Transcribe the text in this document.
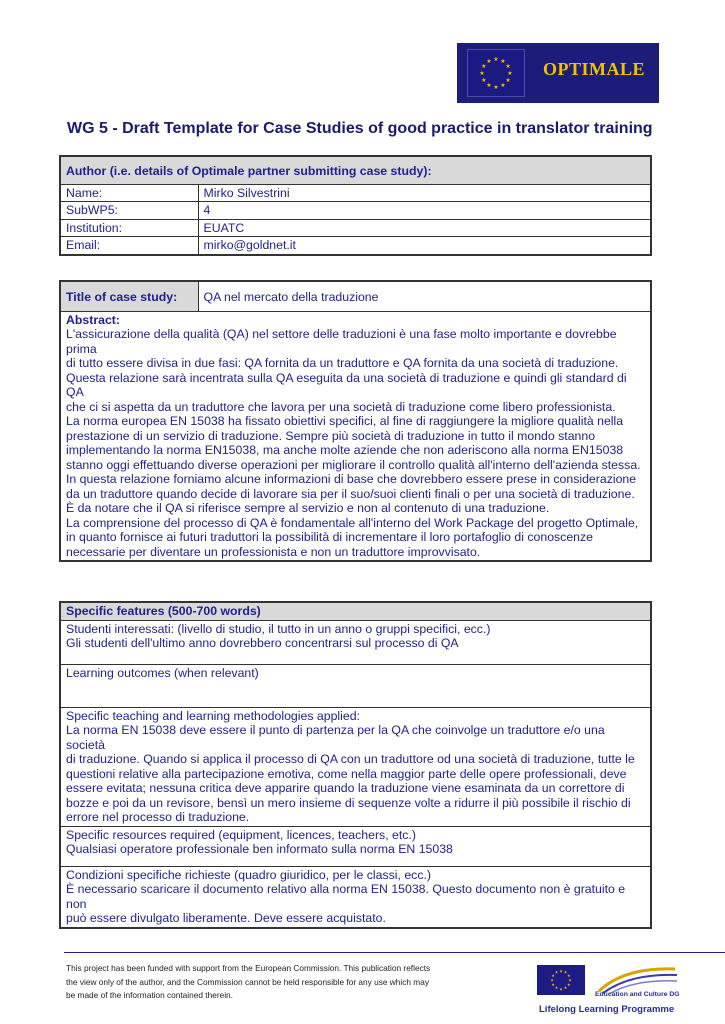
★
★
★
★
★
★
★
★
★ ★ ★
★ OPTIMALE
WG 5 - Draft Template for Case Studies of good practice in translator training
Author (i.e. details of Optimale partner submitting case study):	
Name:	Mirko Silvestrini
SubWP5:	4
Institution:	EUATC
Email:	mirko@goldnet.it
Title of case study:	QA nel mercato della traduzione

Abstract:
L'assicurazione della qualità (QA) nel settore delle traduzioni è una fase molto importante e dovrebbe prima
di tutto essere divisa in due fasi: QA fornita da un traduttore e QA fornita da una società di traduzione.
Questa relazione sarà incentrata sulla QA eseguita da una società di traduzione e quindi gli standard di QA
che ci si aspetta da un traduttore che lavora per una società di traduzione come libero professionista.
La norma europea EN 15038 ha fissato obiettivi specifici, al fine di raggiungere la migliore qualità nella
prestazione di un servizio di traduzione. Sempre più società di traduzione in tutto il mondo stanno
implementando la norma EN15038, ma anche molte aziende che non aderiscono alla norma EN15038
stanno oggi effettuando diverse operazioni per migliorare il controllo qualità all'interno dell'azienda stessa.
In questa relazione forniamo alcune informazioni di base che dovrebbero essere prese in considerazione
da un traduttore quando decide di lavorare sia per il suo/suoi clienti finali o per una società di traduzione.
È da notare che il QA si riferisce sempre al servizio e non al contenuto di una traduzione.
La comprensione del processo di QA è fondamentale all'interno del Work Package del progetto Optimale,
in quanto fornisce ai futuri traduttori la possibilità di incrementare il loro portafoglio di conoscenze
necessarie per diventare un professionista e non un traduttore improvvisato.
Specific features (500-700 words)

Studenti interessati: (livello di studio, il tutto in un anno o gruppi specifici, ecc.)
Gli studenti dell'ultimo anno dovrebbero concentrarsi sul processo di QA

Learning outcomes (when relevant)

Specific teaching and learning methodologies applied:
La norma EN 15038 deve essere il punto di partenza per la QA che coinvolge un traduttore e/o una società
di traduzione. Quando si applica il processo di QA con un traduttore od una società di traduzione, tutte le
questioni relative alla partecipazione emotiva, come nella maggior parte delle opere professionali, deve
essere evitata; nessuna critica deve apparire quando la traduzione viene esaminata da un correttore di
bozze e poi da un revisore, bensì un mero insieme di sequenze volte a ridurre il più possibile il rischio di
errore nel processo di traduzione.

Specific resources required (equipment, licences, teachers, etc.)
Qualsiasi operatore professionale ben informato sulla norma EN 15038

Condizioni specifiche richieste (quadro giuridico, per le classi, ecc.)
È necessario scaricare il documento relativo alla norma EN 15038. Questo documento non è gratuito e non
può essere divulgato liberamente. Deve essere acquistato.
This project has been funded with support from the European Commission. This publication reflects
the view only of the author, and the Commission cannot be held responsible for any use which may
be made of the information contained therein.
★
★
★
★
★
★
★
★
★ ★ ★
★
Education and Culture DG
Lifelong Learning Programme
